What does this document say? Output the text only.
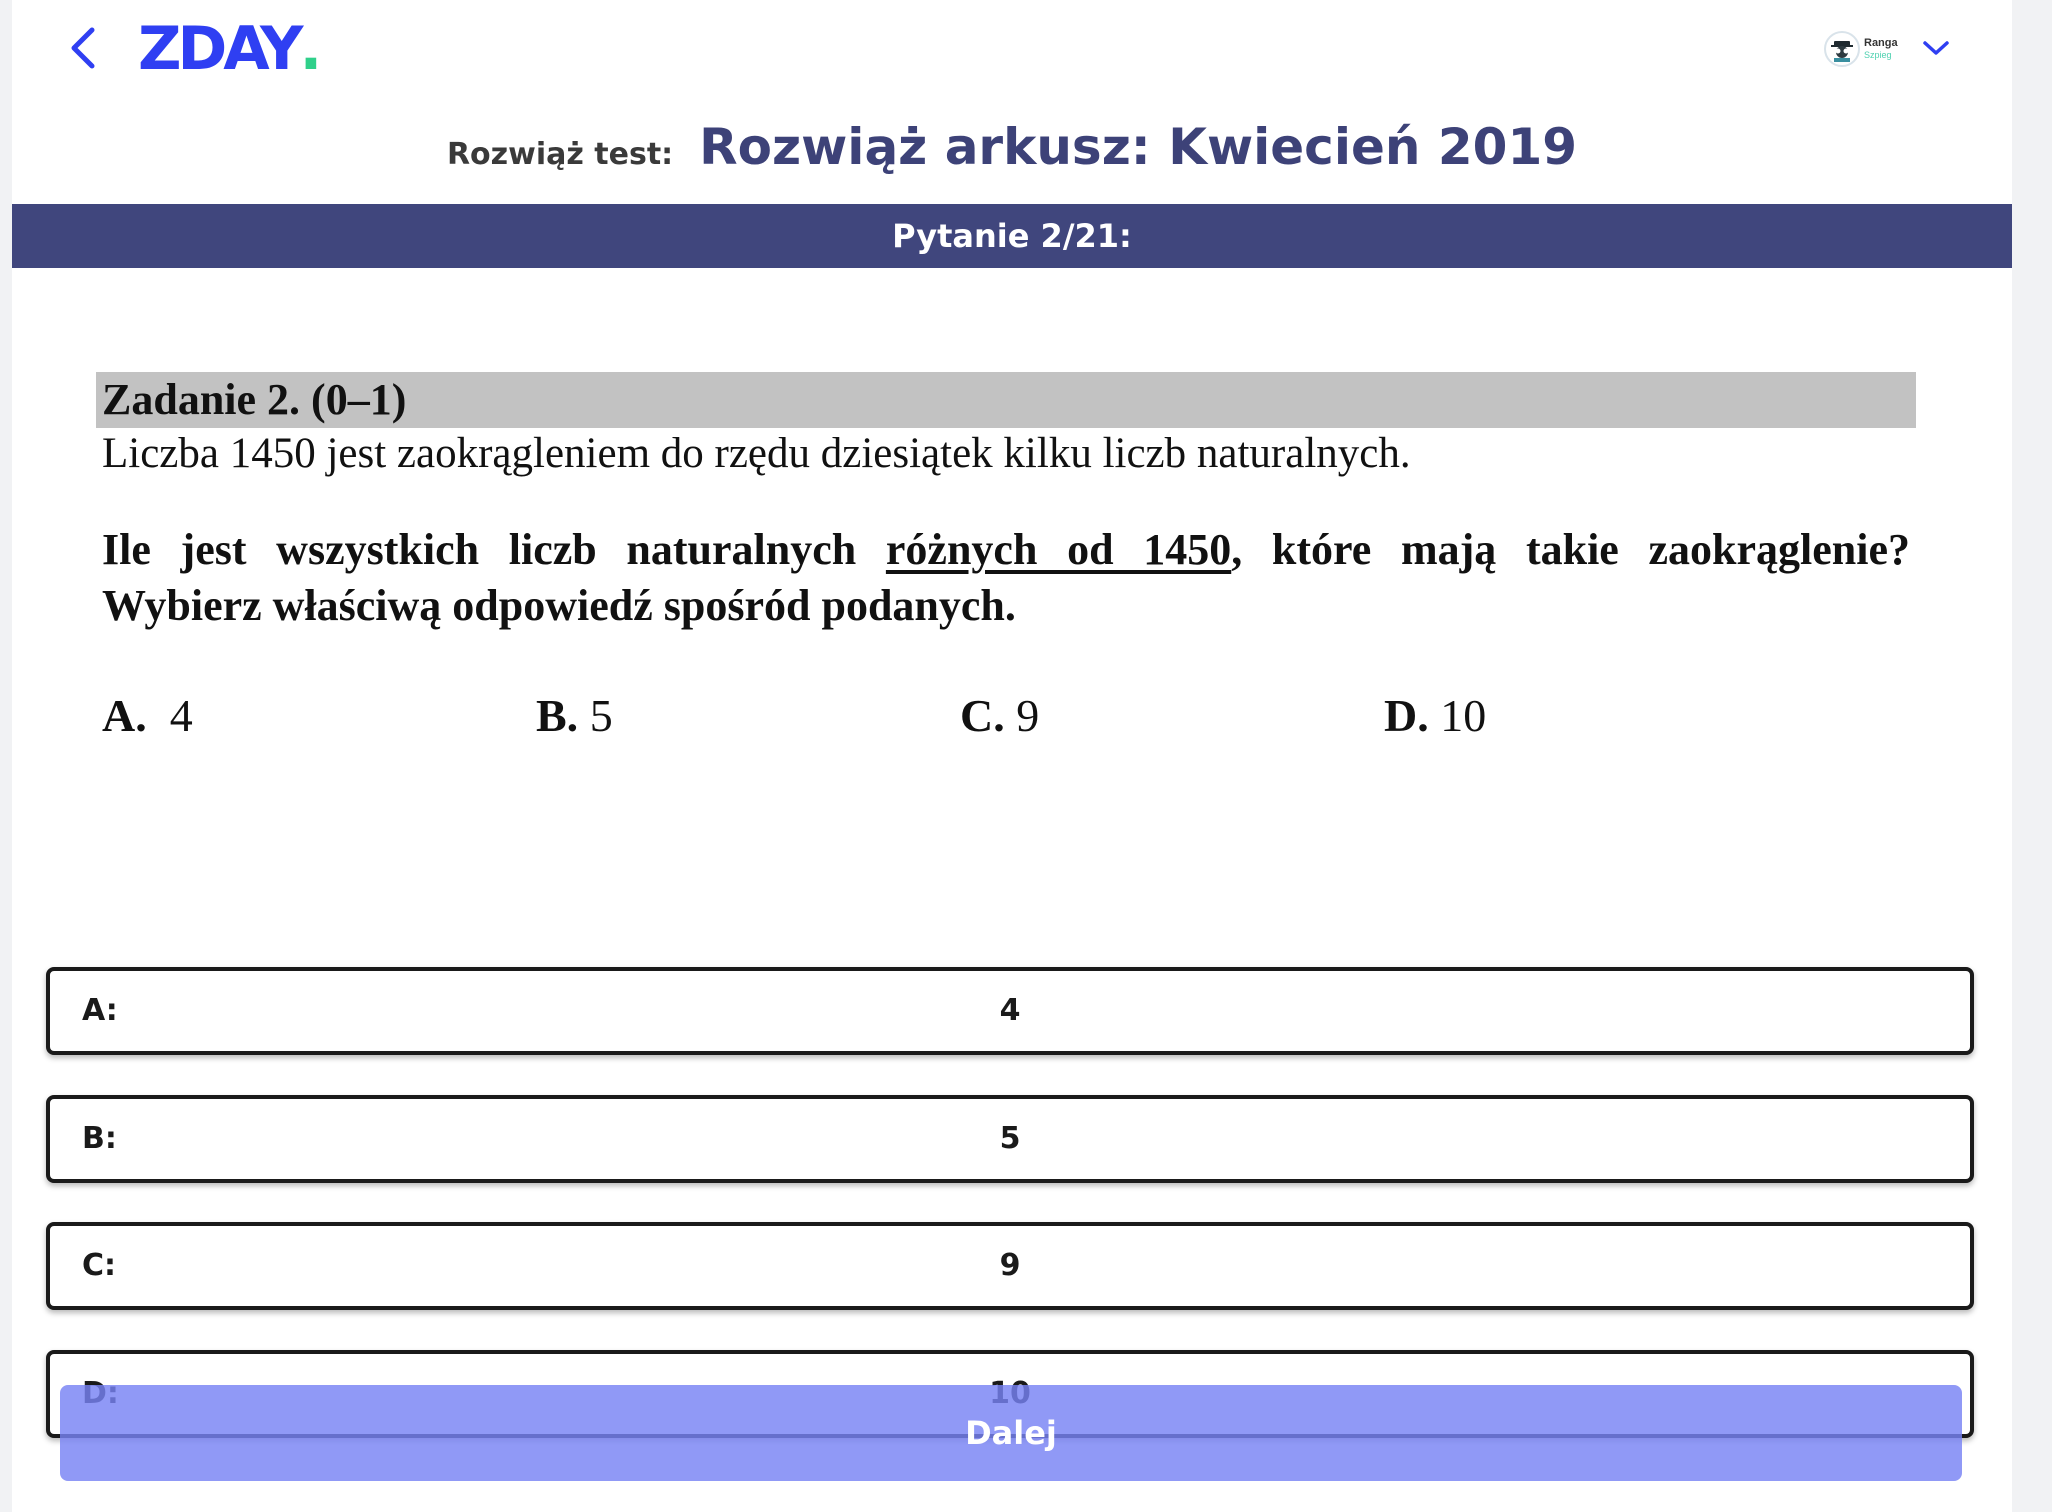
ZDAY .	Ranga
Szpieg
Rozwiąż test: Rozwiąż arkusz: Kwiecień 2019
Pytanie 2/21:
Zadanie 2. (0–1)
Liczba 1450 jest zaokrągleniem do rzędu dziesiątek kilku liczb naturalnych.
Ile jest wszystkich liczb naturalnych różnych od 1450, które mają takie zaokrąglenie?
Wybierz właściwą odpowiedź spośród podanych.
A. 4	B. 5	C. 9	D. 10
A:	4
B:	5
C:	9
Dalej
